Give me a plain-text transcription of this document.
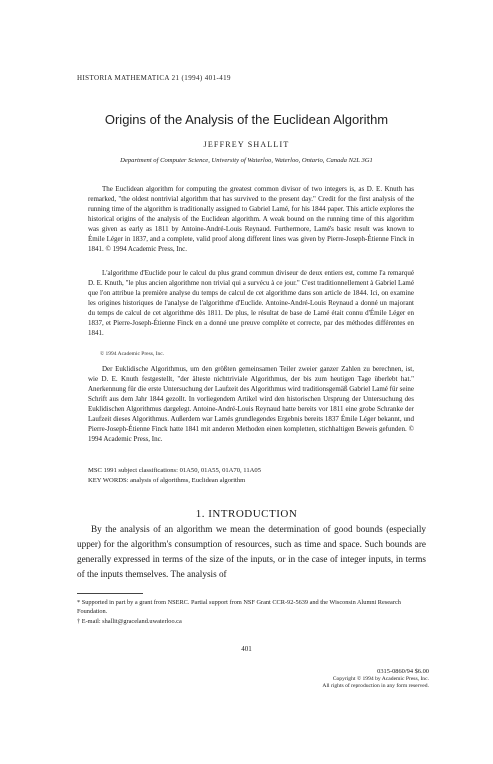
HISTORIA MATHEMATICA 21 (1994) 401-419
Origins of the Analysis of the Euclidean Algorithm
JEFFREY SHALLIT
Department of Computer Science, University of Waterloo, Waterloo, Ontario, Canada N2L 3G1
The Euclidean algorithm for computing the greatest common divisor of two integers is, as D. E. Knuth has remarked, "the oldest nontrivial algorithm that has survived to the present day." Credit for the first analysis of the running time of the algorithm is traditionally assigned to Gabriel Lamé, for his 1844 paper. This article explores the historical origins of the analysis of the Euclidean algorithm. A weak bound on the running time of this algorithm was given as early as 1811 by Antoine-André-Louis Reynaud. Furthermore, Lamé's basic result was known to Émile Léger in 1837, and a complete, valid proof along different lines was given by Pierre-Joseph-Étienne Finck in 1841. © 1994 Academic Press, Inc.
L'algorithme d'Euclide pour le calcul du plus grand commun diviseur de deux entiers est, comme l'a remarqué D. E. Knuth, "le plus ancien algorithme non trivial qui a survécu à ce jour." C'est traditionnellement à Gabriel Lamé que l'on attribue la première analyse du temps de calcul de cet algorithme dans son article de 1844. Ici, on examine les origines historiques de l'analyse de l'algorithme d'Euclide. Antoine-André-Louis Reynaud a donné un majorant du temps de calcul de cet algorithme dès 1811. De plus, le résultat de base de Lamé était connu d'Émile Léger en 1837, et Pierre-Joseph-Étienne Finck en a donné une preuve complète et correcte, par des méthodes différentes en 1841.
© 1994 Academic Press, Inc.
Der Euklidische Algorithmus, um den größten gemeinsamen Teiler zweier ganzer Zahlen zu berechnen, ist, wie D. E. Knuth festgestellt, "der älteste nichttriviale Algorithmus, der bis zum heutigen Tage überlebt hat." Anerkennung für die erste Untersuchung der Laufzeit des Algorithmus wird traditionsgemäß Gabriel Lamé für seine Schrift aus dem Jahr 1844 gezollt. In vorliegendem Artikel wird den historischen Ursprung der Untersuchung des Euklidischen Algorithmus dargelegt. Antoine-André-Louis Reynaud hatte bereits vor 1811 eine grobe Schranke der Laufzeit dieses Algorithmus. Außerdem war Lamés grundlegendes Ergebnis bereits 1837 Émile Léger bekannt, und Pierre-Joseph-Étienne Finck hatte 1841 mit anderen Methoden einen kompletten, stichhaltigen Beweis gefunden. © 1994 Academic Press, Inc.
MSC 1991 subject classifications: 01A50, 01A55, 01A70, 11A05
KEY WORDS: analysis of algorithms, Euclidean algorithm
1. INTRODUCTION
By the analysis of an algorithm we mean the determination of good bounds (especially upper) for the algorithm's consumption of resources, such as time and space. Such bounds are generally expressed in terms of the size of the inputs, or in the case of integer inputs, in terms of the inputs themselves. The analysis of
* Supported in part by a grant from NSERC. Partial support from NSF Grant CCR-92-5639 and the Wisconsin Alumni Research Foundation.
† E-mail: shallit@graceland.uwaterloo.ca
401
0315-0860/94 $6.00
Copyright © 1994 by Academic Press, Inc.
All rights of reproduction in any form reserved.
